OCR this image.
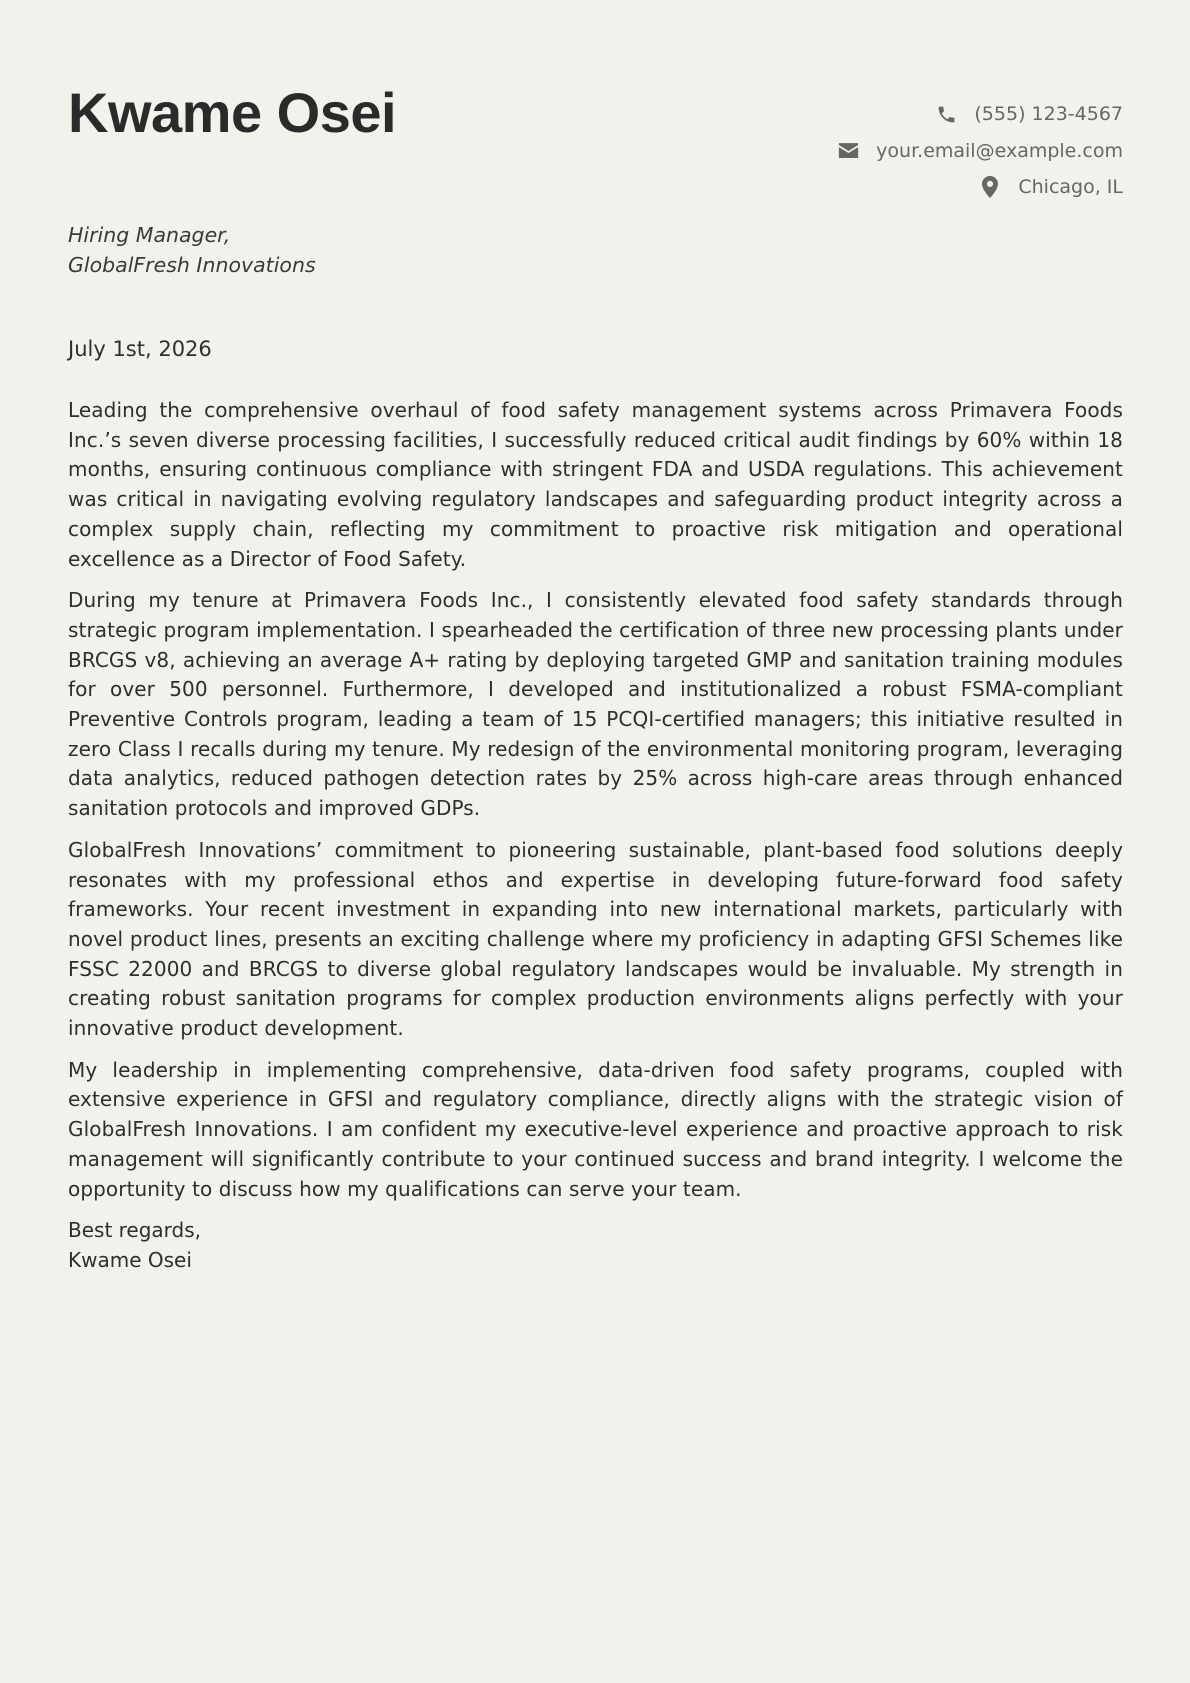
Kwame Osei	(555) 123-4567
your.email@example.com
Chicago, IL
Hiring Manager,
GlobalFresh Innovations
July 1st, 2026

Leading the comprehensive overhaul of food safety management systems across Primavera Foods Inc.’s seven diverse processing facilities, I successfully reduced critical audit findings by 60% within 18 months, ensuring continuous compliance with stringent FDA and USDA regulations. This achievement was critical in navigating evolving regulatory landscapes and safeguarding product integrity across a complex supply chain, reflecting my commitment to proactive risk mitigation and operational excellence as a Director of Food Safety.

During my tenure at Primavera Foods Inc., I consistently elevated food safety standards through strategic program implementation. I spearheaded the certification of three new processing plants under BRCGS v8, achieving an average A+ rating by deploying targeted GMP and sanitation training modules for over 500 personnel. Furthermore, I developed and institutionalized a robust FSMA-compliant Preventive Controls program, leading a team of 15 PCQI-certified managers; this initiative resulted in zero Class I recalls during my tenure. My redesign of the environmental monitoring program, leveraging data analytics, reduced pathogen detection rates by 25% across high-care areas through enhanced sanitation protocols and improved GDPs.

GlobalFresh Innovations’ commitment to pioneering sustainable, plant-based food solutions deeply resonates with my professional ethos and expertise in developing future-forward food safety frameworks. Your recent investment in expanding into new international markets, particularly with novel product lines, presents an exciting challenge where my proficiency in adapting GFSI Schemes like FSSC 22000 and BRCGS to diverse global regulatory landscapes would be invaluable. My strength in creating robust sanitation programs for complex production environments aligns perfectly with your innovative product development.

My leadership in implementing comprehensive, data-driven food safety programs, coupled with extensive experience in GFSI and regulatory compliance, directly aligns with the strategic vision of GlobalFresh Innovations. I am confident my executive-level experience and proactive approach to risk management will significantly contribute to your continued success and brand integrity. I welcome the opportunity to discuss how my qualifications can serve your team.

Best regards,
Kwame Osei
